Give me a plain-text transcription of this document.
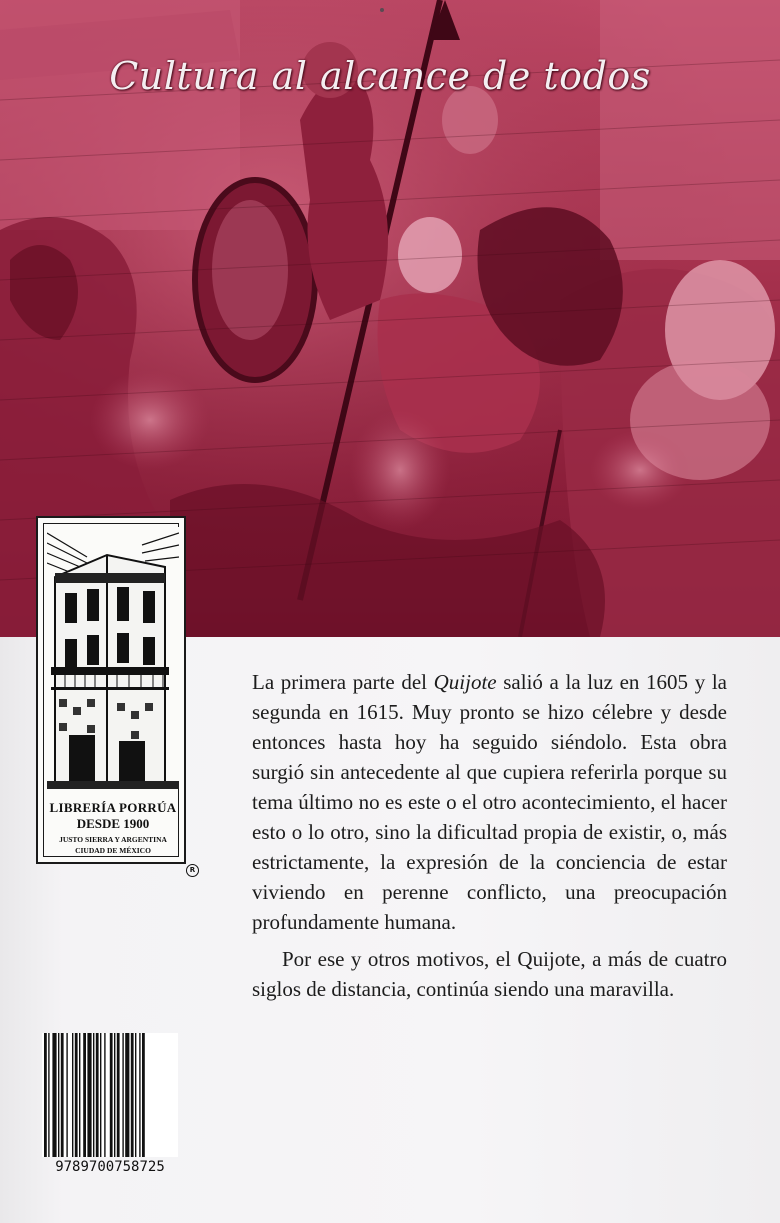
Cultura al alcance de todos
LIBRERÍA PORRÚA
DESDE 1900
JUSTO SIERRA Y ARGENTINA
CIUDAD DE MÉXICO
R

La primera parte del Quijote salió a la luz en 1605 y la segunda en 1615. Muy pronto se hizo célebre y desde entonces hasta hoy ha seguido siéndolo. Esta obra surgió sin antecedente al que cupiera referirla porque su tema último no es este o el otro acontecimiento, el hacer esto o lo otro, sino la dificultad propia de existir, o, más estrictamente, la expresión de la conciencia de estar viviendo en perenne conflicto, una preocupación profundamente humana.

Por ese y otros motivos, el Quijote, a más de cuatro siglos de distancia, continúa siendo una maravilla.

9789700758725
